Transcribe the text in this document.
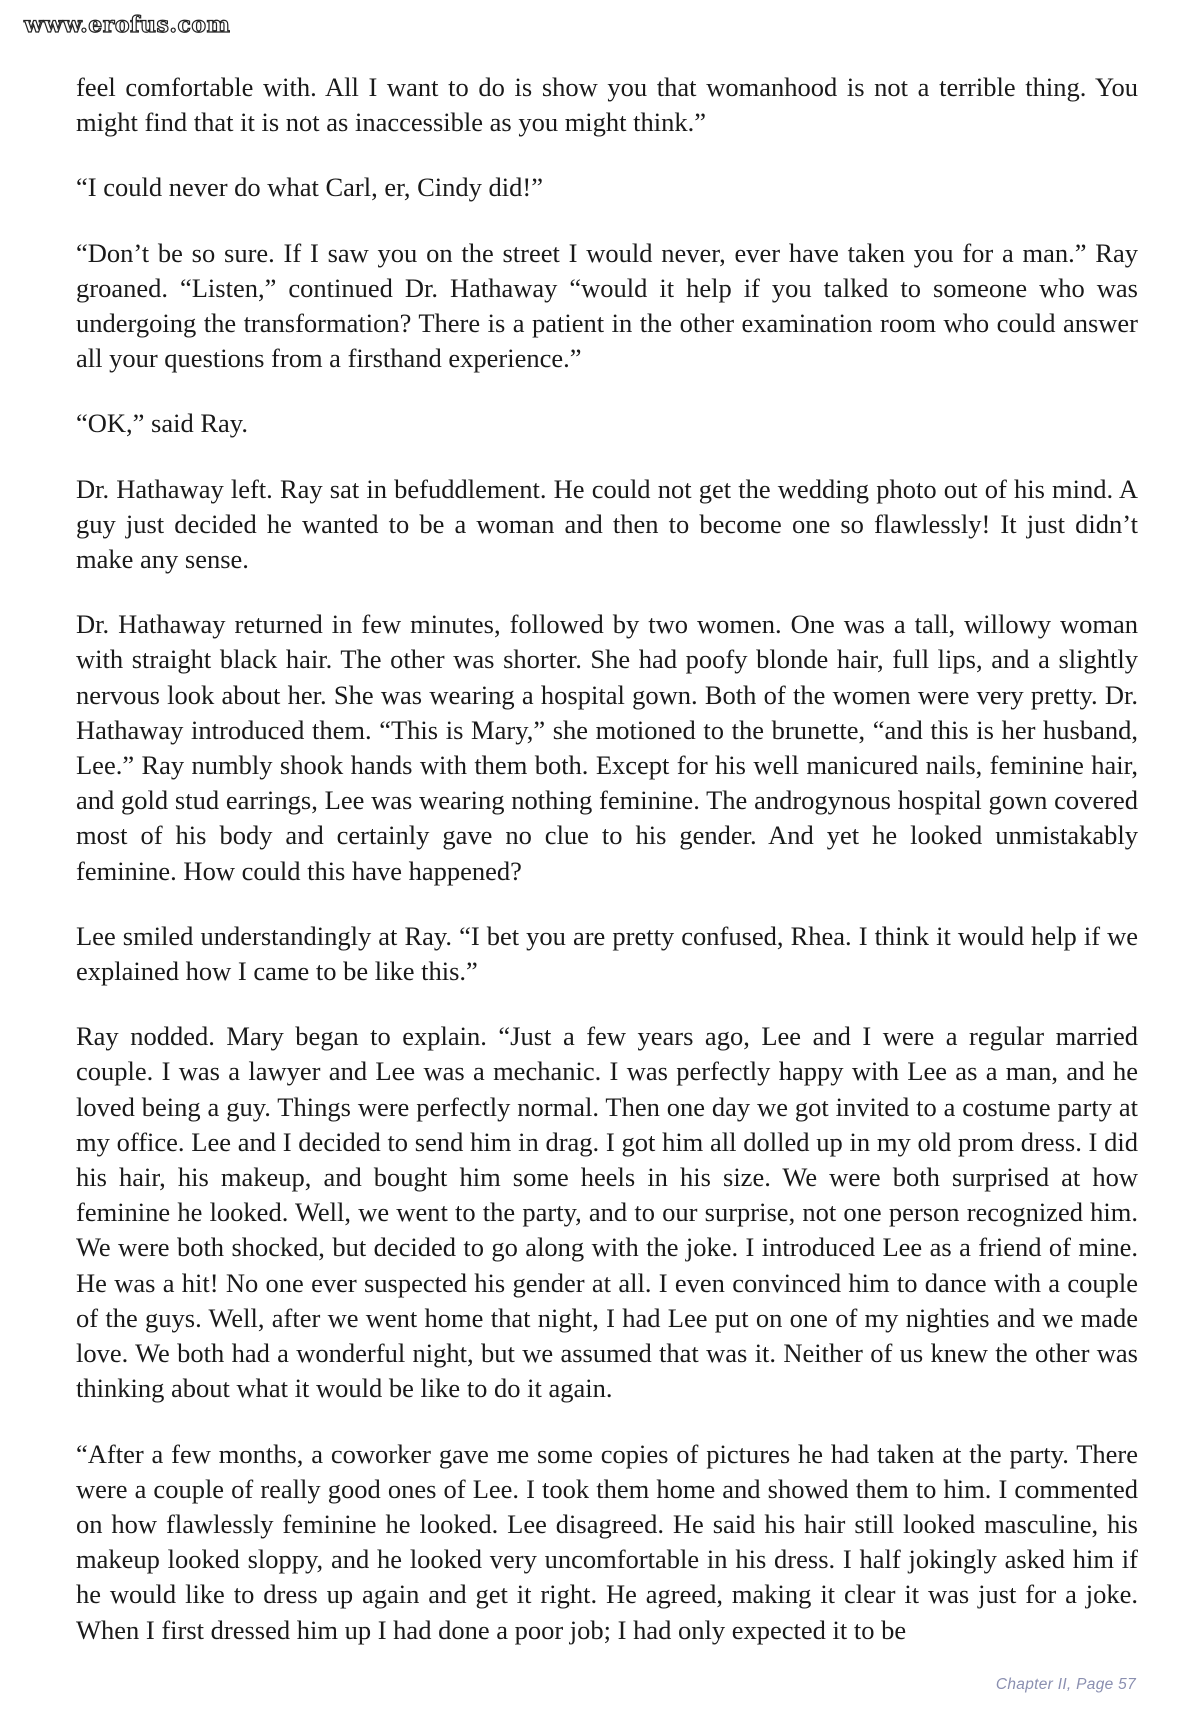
www.erofus.com

feel comfortable with. All I want to do is show you that womanhood is not a terrible thing. You might find that it is not as inaccessible as you might think.”

“I could never do what Carl, er, Cindy did!”

“Don’t be so sure. If I saw you on the street I would never, ever have taken you for a man.” Ray groaned. “Listen,” continued Dr. Hathaway “would it help if you talked to someone who was undergoing the transformation? There is a patient in the other examination room who could answer all your questions from a firsthand experience.”

“OK,” said Ray.

Dr. Hathaway left. Ray sat in befuddlement. He could not get the wedding photo out of his mind. A guy just decided he wanted to be a woman and then to become one so flawlessly! It just didn’t make any sense.

Dr. Hathaway returned in few minutes, followed by two women. One was a tall, willowy woman with straight black hair. The other was shorter. She had poofy blonde hair, full lips, and a slightly nervous look about her. She was wearing a hospital gown. Both of the women were very pretty. Dr. Hathaway introduced them. “This is Mary,” she motioned to the brunette, “and this is her husband, Lee.” Ray numbly shook hands with them both. Except for his well manicured nails, feminine hair, and gold stud earrings, Lee was wearing nothing feminine. The androgynous hospital gown covered most of his body and certainly gave no clue to his gender. And yet he looked unmistakably feminine. How could this have happened?

Lee smiled understandingly at Ray. “I bet you are pretty confused, Rhea. I think it would help if we explained how I came to be like this.”

Ray nodded. Mary began to explain. “Just a few years ago, Lee and I were a regular married couple. I was a lawyer and Lee was a mechanic. I was perfectly happy with Lee as a man, and he loved being a guy. Things were perfectly normal. Then one day we got invited to a costume party at my office. Lee and I decided to send him in drag. I got him all dolled up in my old prom dress. I did his hair, his makeup, and bought him some heels in his size. We were both surprised at how feminine he looked. Well, we went to the party, and to our surprise, not one person recognized him. We were both shocked, but decided to go along with the joke. I introduced Lee as a friend of mine. He was a hit! No one ever suspected his gender at all. I even convinced him to dance with a couple of the guys. Well, after we went home that night, I had Lee put on one of my nighties and we made love. We both had a wonderful night, but we assumed that was it. Neither of us knew the other was thinking about what it would be like to do it again.

“After a few months, a coworker gave me some copies of pictures he had taken at the party. There were a couple of really good ones of Lee. I took them home and showed them to him. I commented on how flawlessly feminine he looked. Lee disagreed. He said his hair still looked masculine, his makeup looked sloppy, and he looked very uncomfortable in his dress. I half jokingly asked him if he would like to dress up again and get it right. He agreed, making it clear it was just for a joke. When I first dressed him up I had done a poor job; I had only expected it to be

Chapter II, Page 57
